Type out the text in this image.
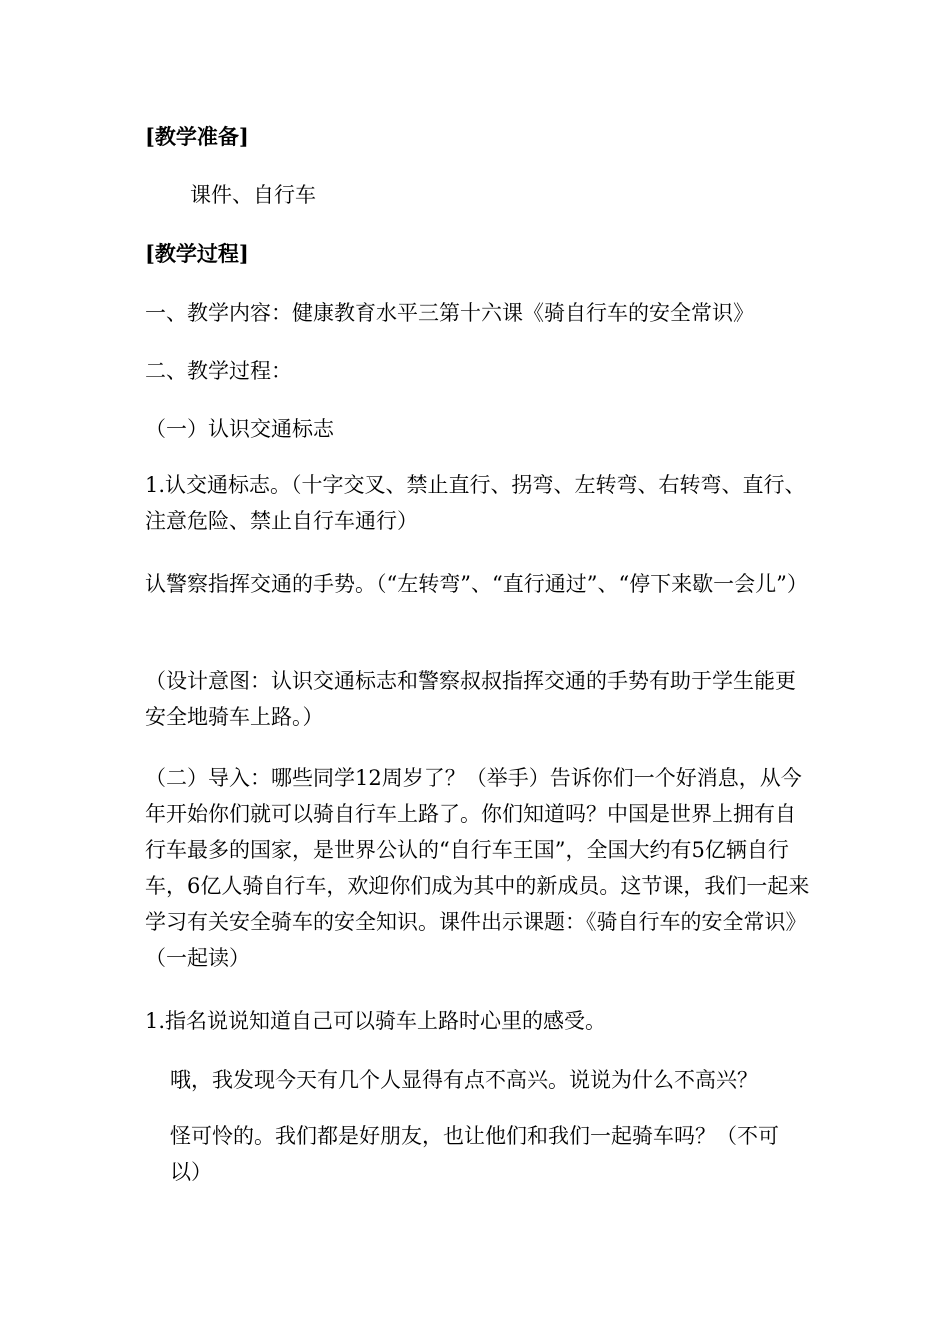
[教学准备]
课件、自行车
[教学过程]
一、教学内容：健康教育水平三第十六课《骑自行车的安全常识》
二、教学过程：
（一）认识交通标志
1.认交通标志。（十字交叉、禁止直行、拐弯、左转弯、右转弯、直行、注意危险、禁止自行车通行）
认警察指挥交通的手势。（“左转弯”、“直行通过”、“停下来歇一会儿”）
（设计意图：认识交通标志和警察叔叔指挥交通的手势有助于学生能更安全地骑车上路。）
（二）导入：哪些同学12周岁了？（举手）告诉你们一个好消息，从今年开始你们就可以骑自行车上路了。你们知道吗？中国是世界上拥有自行车最多的国家，是世界公认的“自行车王国”，全国大约有5亿辆自行车，6亿人骑自行车，欢迎你们成为其中的新成员。这节课，我们一起来学习有关安全骑车的安全知识。课件出示课题：《骑自行车的安全常识》（一起读）
1.指名说说知道自己可以骑车上路时心里的感受。
哦，我发现今天有几个人显得有点不高兴。说说为什么不高兴？
怪可怜的。我们都是好朋友，也让他们和我们一起骑车吗？（不可以）
